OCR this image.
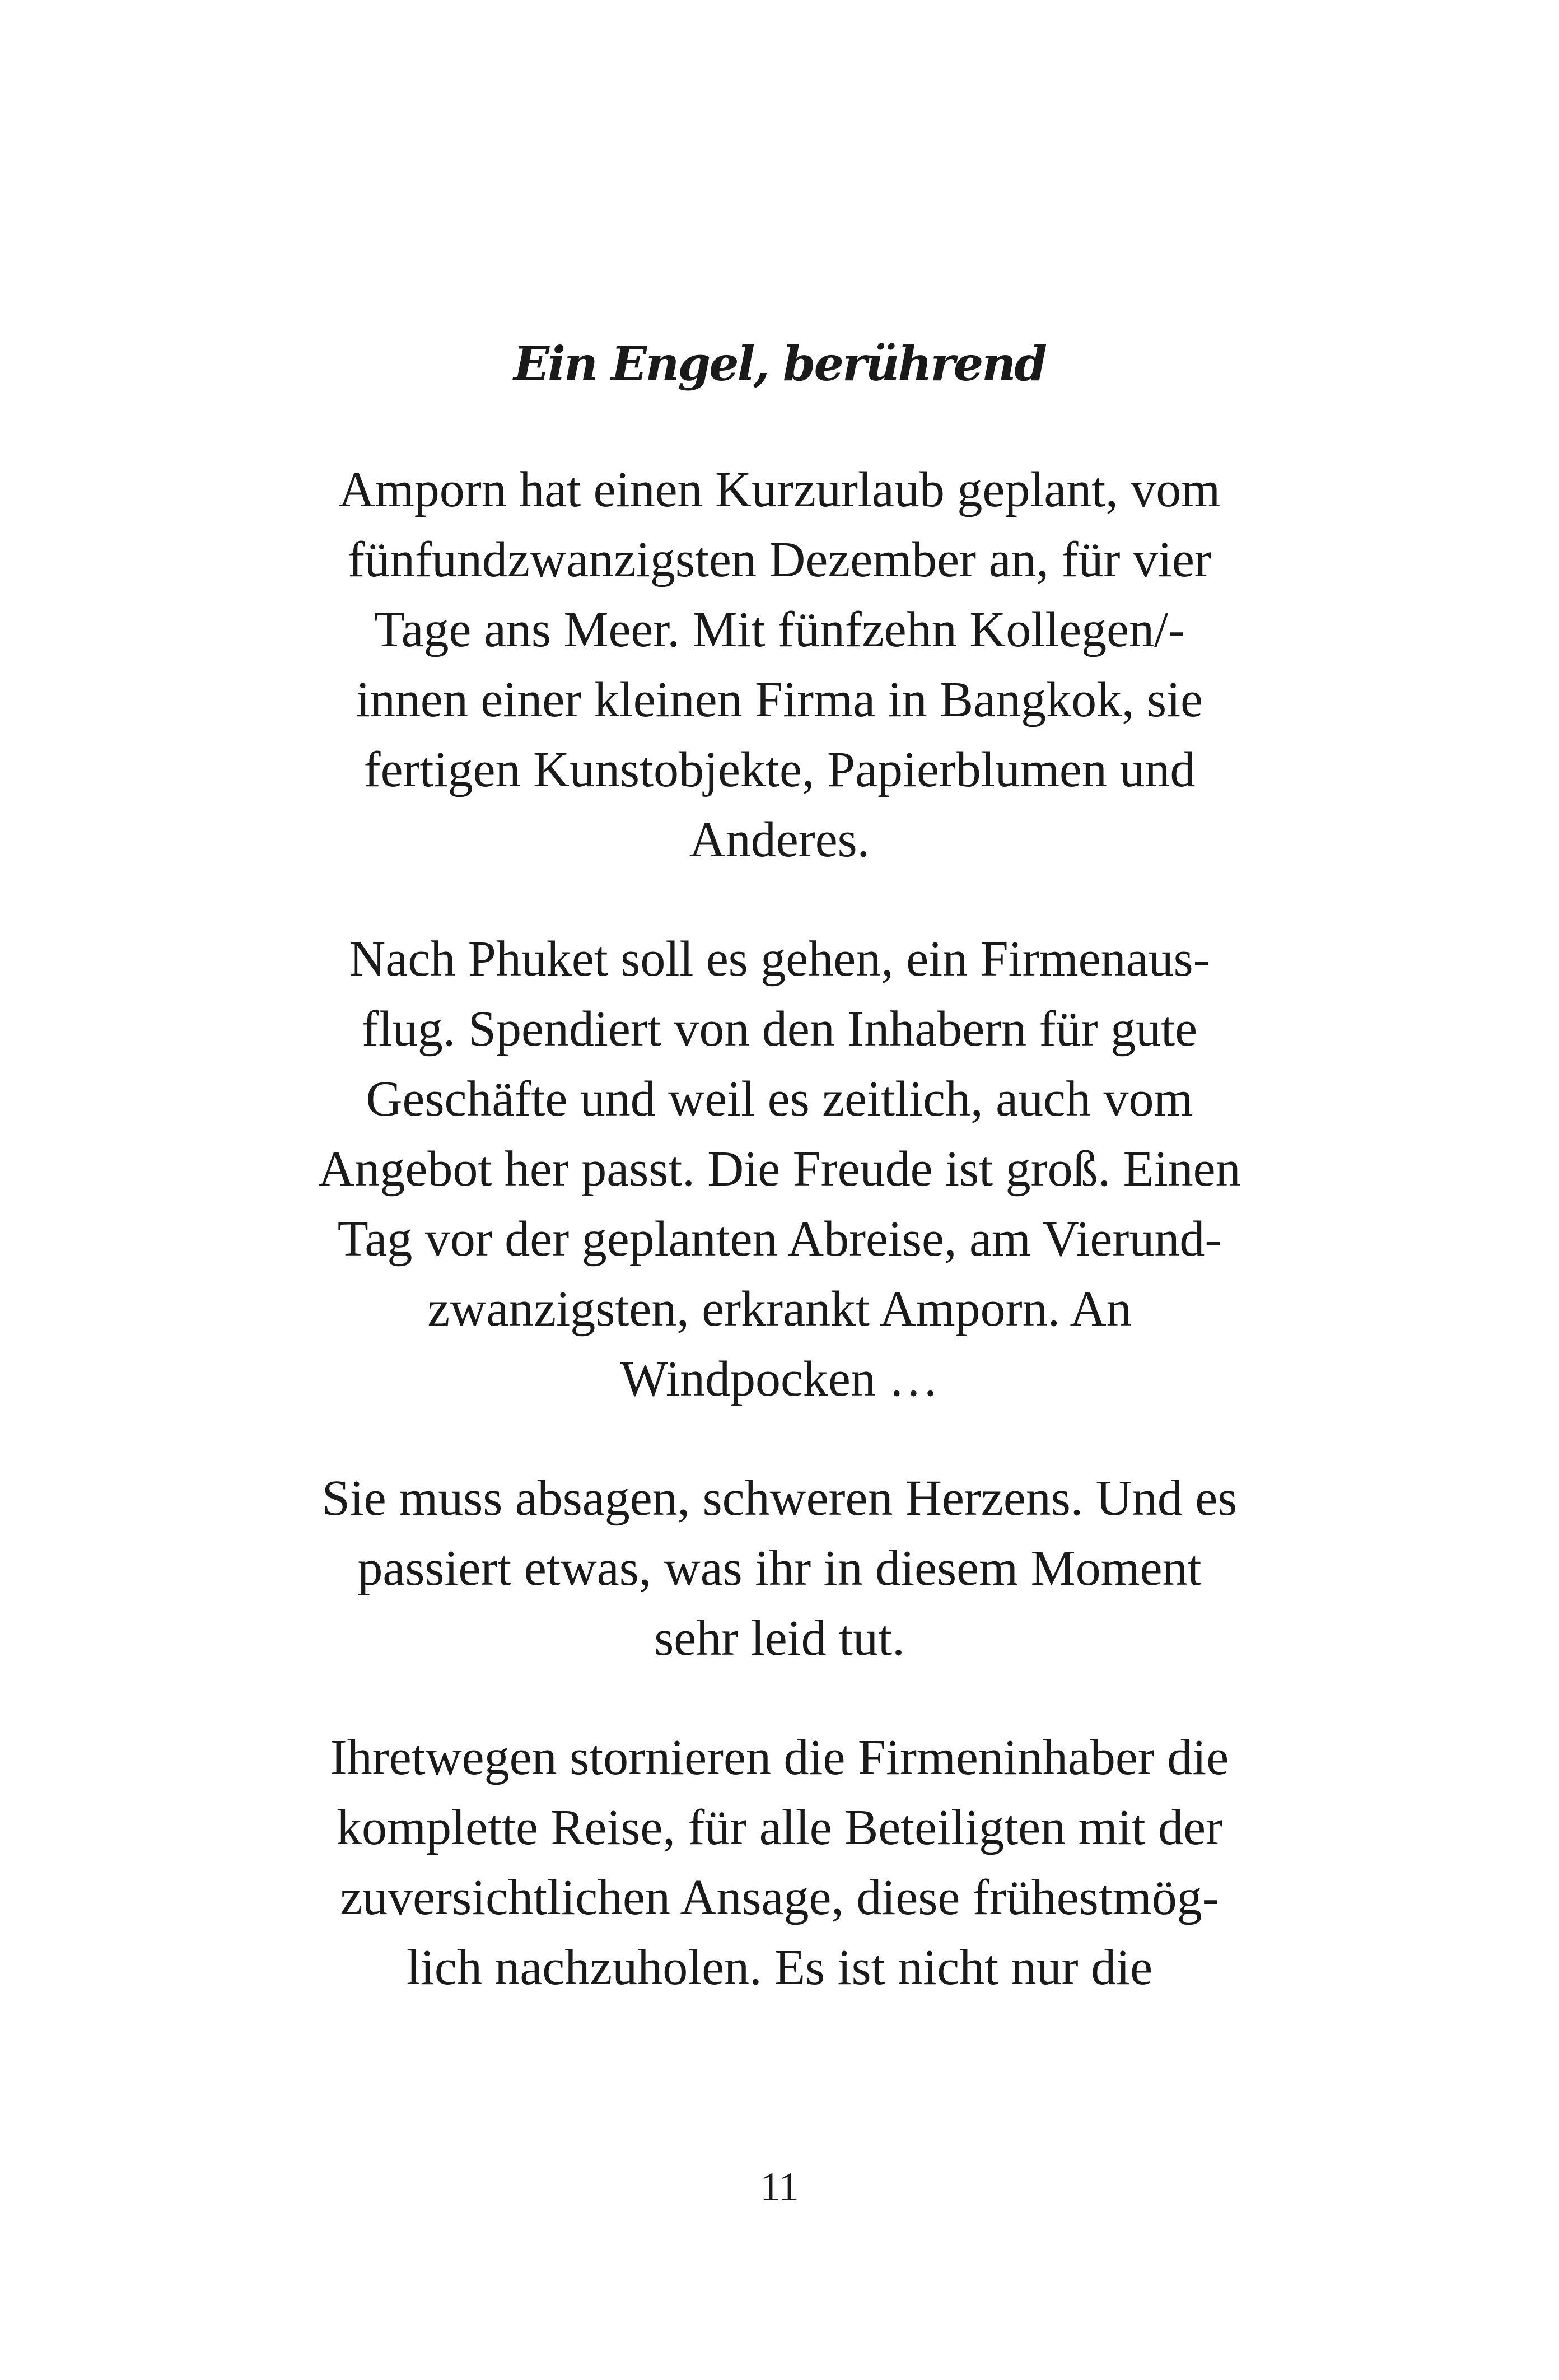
Ein Engel, berührend

Amporn hat einen Kurzurlaub geplant, vom
fünfundzwanzigsten Dezember an, für vier
Tage ans Meer. Mit fünfzehn Kollegen/-
innen einer kleinen Firma in Bangkok, sie
fertigen Kunstobjekte, Papierblumen und
Anderes.

Nach Phuket soll es gehen, ein Firmenaus-
flug. Spendiert von den Inhabern für gute
Geschäfte und weil es zeitlich, auch vom
Angebot her passt. Die Freude ist groß. Einen
Tag vor der geplanten Abreise, am Vierund-
zwanzigsten, erkrankt Amporn. An
Windpocken …

Sie muss absagen, schweren Herzens. Und es
passiert etwas, was ihr in diesem Moment
sehr leid tut.

Ihretwegen stornieren die Firmeninhaber die
komplette Reise, für alle Beteiligten mit der
zuversichtlichen Ansage, diese frühestmög-
lich nachzuholen. Es ist nicht nur die

11
